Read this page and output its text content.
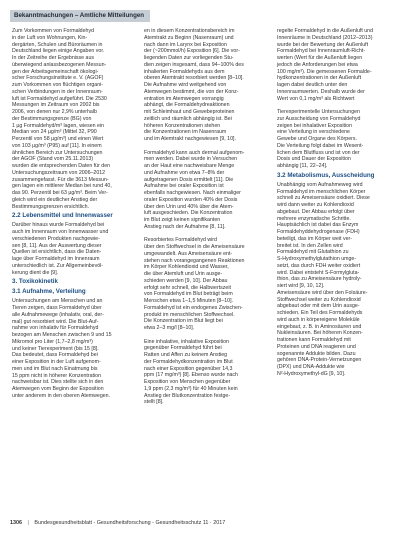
Bekanntmachungen – Amtliche Mitteilungen
Zum Vorkommen von Formaldehyd
in der Luft von Wohnungen, Kin-
dergärten, Schulen und Büroräumen in
Deutschland liegen einige Angaben vor.
In der Zeitreihe der Ergebnisse aus
überwiegend anlassbezogenen Messun-
gen der Arbeitsgemeinschaft ökologi-
scher Forschungsinstitute e. V. (AGÖF)
zum Vorkommen von flüchtigen organi-
schen Verbindungen in der Innenraum-
luft ist Formaldehyd aufgeführt. Die 2530
Messungen im Zeitraum von 2002 bis
2006, von denen nur 2,9% unterhalb
der Bestimmungsgrenze (BG) von
1 µg Formaldehyd/m³ lagen, wiesen ein
Median von 24 µg/m³ (Mittel 32, P90
Perzentil von 58 µg/m³) und einen Wert
von 103 µg/m³ (P95) auf [11]. In einem
ähnlichen Bereich zur Untersuchungen
der AGÖF (Stand vom 25.11.2013)
wurden die entsprechenden Daten für den
Untersuchungszeitraum von 2006–2012
zusammengefasst. Für die 3613 Messun-
gen lagen ein mittlerer Median bei rund 40,
das 90. Perzentil bei 63 µg/m³. Beim Ver-
gleich wird ein deutlicher Anstieg der
Bestimmungsgrenzen ersichtlich.
2.2 Lebensmittel und Innenwasser
Darüber hinaus wurde Formaldehyd bei
auch im Innenraum von Innenwasser und
verschiedenen Produkten nachgewie-
sen [8, 11]. Aus der Auswertung dieser
Quellen ist ersichtlich, dass die Daten-
lage über Formaldehyd im Innenraum
unterschiedlich ist. Zur Allgemeinbevöl-
kerung dient die [9].
3. Toxikokinetik
3.1 Aufnahme, Verteilung
Untersuchungen am Menschen und an
Tieren zeigen, dass Formaldehyd über
alle Aufnahmewege (inhalativ, oral, der-
mal) gut resorbiert wird. Die Blut-Auf-
nahme von inhalativ für Formaldehyd
bezogen am Menschen zwischen 9 und 15
Mikromol pro Liter (1,7–2,8 mg/m³)
und keiner Tierexperiment (bis 15 [8].
Das bedeutet, dass Formaldehyd bei
einer Exposition in der Luft aufgenom-
men und im Blut nach Einatmung bis
15 ppm nicht in höherer Konzentration
nachweisbar ist. Dies stellte sich in den
Atemwegen vom Beginn der Exposition
unter anderem in den oberen Atemwegen.
en in diesem Konzentrationsbereich im
Atemtrakt zu Beginn (Nasenraum) und
nach dann im Larynx bei Exposition
der (~200mmol/h) Exposition [6]. Die vor-
liegenden Daten zur vorliegenden Stu-
dien zeigen insgesamt, dass 94–100% des
inhalierten Formaldehyds aus dem
oberen Atemtrakt resorbiert werden [8–10].
Die Aufnahme wird weitgehend von
Atemwegen bestimmt, die von der Konz-
entration im Atemwegen vorrangig
abhängt, die Formaldehydreaktionen
mit Schleimhaut und Gewebeproteinen
zeitlich und räumlich abhängig ist. Bei
höheren Konzentrationen stehen
die Konzentrationen im Nasenraum
und im Atemtrakt nachgewiesen [9, 10].
Formaldehyd kann auch dermal aufgenom-
men werden. Dabei wurde in Versuchen
an der Haut eine nachweisbare Menge
und Aufnahme von etwa 7–8% der
aufgetragenen Dosis ermittelt [11]. Die
Aufnahme bei oraler Exposition ist
ebenfalls nachgewiesen. Nach einmaliger
oraler Exposition wurden 40% der Dosis
über den Urin und 40% über die Atem-
luft ausgeschieden. Die Konzentration
im Blut zeigt keinen signifikanten
Anstieg nach der Aufnahme [8, 11].
Resorbiertes Formaldehyd wird
über den Stoffwechsel in die Ameisensäure
umgewandelt. Aus Ameisensäure ent-
stehen nach vorangegangenen Reaktionen
im Körper Kohlendioxid und Wasser,
die über Atemluft und Urin ausge-
schieden werden [9, 10]. Der Abbau
erfolgt sehr schnell, die Halbwertszeit
von Formaldehyd im Blut beträgt beim
Menschen etwa 1–1,5 Minuten [8–10].
Formaldehyd ist ein endogenes Zwischen-
produkt im menschlichen Stoffwechsel.
Die Konzentration im Blut liegt bei
etwa 2–3 mg/l [8–10].
Eine inhalative, inhalative Exposition
gegenüber Formaldehyd führt bei
Ratten und Affen zu keinem Anstieg
der Formaldehydkonzentration im Blut
nach einer Exposition gegenüber 14,3
ppm (17 mg/m³) [8]. Ebenso wurde nach
Exposition von Menschen gegenüber
1,9 ppm (2,3 mg/m³) für 40 Minuten kein
Anstieg der Blutkonzentration festge-
stellt [8].
regelte Formaldehyd in die Außenluft und
Innenräume in Deutschland (2012–2013)
wurde bei der Bewertung der Außenluft
Formaldehyd bei Innenraumluft-Richt-
werten (Wert für die Außenluft liegen
jedoch die Anforderungen bei etwa
100 mg/m³). Die gemessenen Formalde-
hydkonzentrationen in der Außenluft
lagen dabei deutlich unter den
Innenraumwerten. Deshalb wurde der
Wert von 0,1 mg/m³ als Richtwert
Tierexperimentelle Untersuchungen
zur Ausscheidung von Formaldehyd
zeigen bei inhalativer Exposition
eine Verteilung in verschiedene
Gewebe und Organe des Körpers.
Die Verteilung folgt dabei im Wesent-
lichen dem Blutfluss und ist von der
Dosis und Dauer der Exposition
abhängig [11, 22–24].
3.2 Metabolismus, Ausscheidung
Unabhängig vom Aufnahmeweg wird
Formaldehyd im menschlichen Körper
schnell zu Ameisensäure oxidiert. Diese
wird dann weiter zu Kohlendioxid
abgebaut. Der Abbau erfolgt über
mehrere enzymatische Schritte.
Hauptsächlich ist dabei das Enzym
Formaldehyddehydrogenase (FDH)
beteiligt, das im Körper weit ver-
breitet ist. In den Zellen wird
Formaldehyd mit Glutathion zu
S-Hydroxymethylglutathion umge-
setzt, das durch FDH weiter oxidiert
wird. Dabei entsteht S-Formylgluta-
thion, das zu Ameisensäure hydroly-
siert wird [9, 10, 12].
Ameisensäure wird über den Folsäure-
Stoffwechsel weiter zu Kohlendioxid
abgebaut oder mit dem Urin ausge-
schieden. Ein Teil des Formaldehyds
wird auch in körpereigene Moleküle
eingebaut, z. B. in Aminosäuren und
Nukleinsäuren. Bei höheren Konzen-
trationen kann Formaldehyd mit
Proteinen und DNA reagieren und
sogenannte Addukte bilden. Dazu
gehören DNA-Protein-Vernetzungen
(DPX) und DNA-Addukte wie
N²-Hydroxymethyl-dG [9, 10].
1306 | Bundesgesundheitsblatt - Gesundheitsforschung - Gesundheitsschutz 11 · 2017
